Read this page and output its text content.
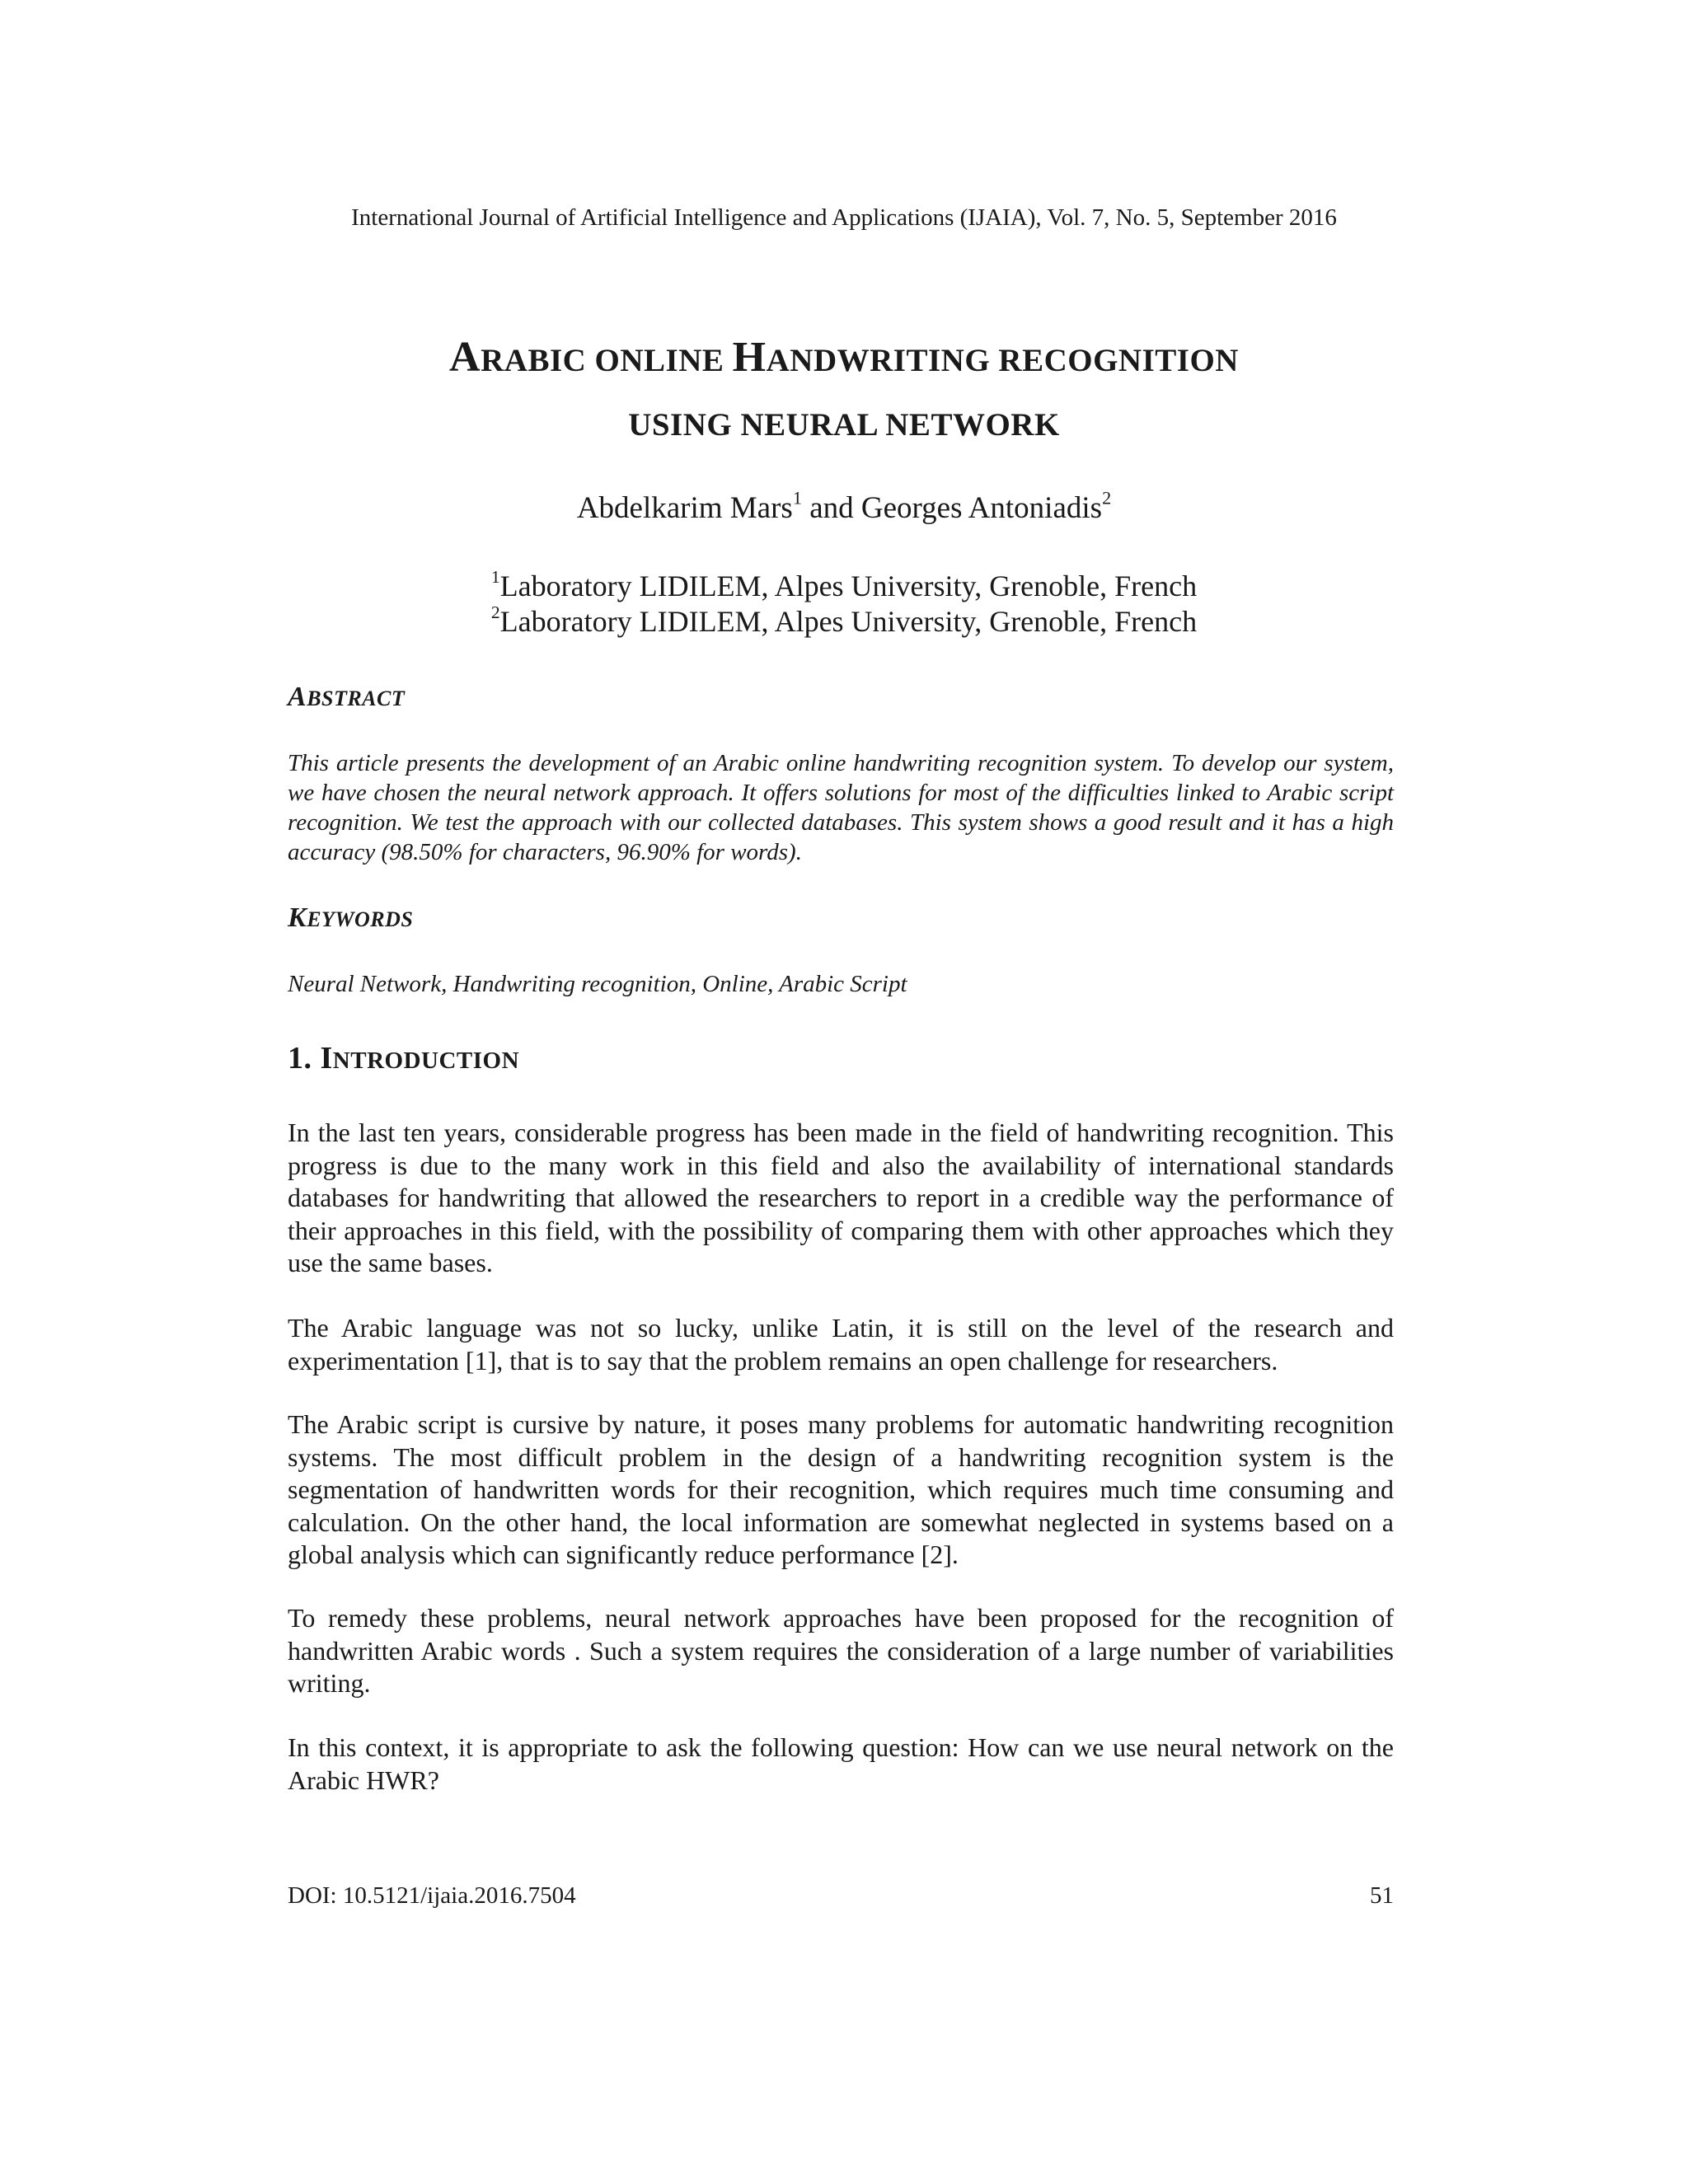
International Journal of Artificial Intelligence and Applications (IJAIA), Vol. 7, No. 5, September 2016
ARABIC ONLINE HANDWRITING RECOGNITION
USING NEURAL NETWORK
Abdelkarim Mars$^1$ and Georges Antoniadis$^2$
$^1$Laboratory LIDILEM, Alpes University, Grenoble, French
$^2$Laboratory LIDILEM, Alpes University, Grenoble, French
ABSTRACT
This article presents the development of an Arabic online handwriting recognition system. To develop our system, we have chosen the neural network approach. It offers solutions for most of the difficulties linked to Arabic script recognition. We test the approach with our collected databases. This system shows a good result and it has a high accuracy (98.50% for characters, 96.90% for words).
KEYWORDS
Neural Network, Handwriting recognition, Online, Arabic Script
1. INTRODUCTION

In the last ten years, considerable progress has been made in the field of handwriting recognition. This progress is due to the many work in this field and also the availability of international standards databases for handwriting that allowed the researchers to report in a credible way the performance of their approaches in this field, with the possibility of comparing them with other approaches which they use the same bases.

The Arabic language was not so lucky, unlike Latin, it is still on the level of the research and experimentation [1], that is to say that the problem remains an open challenge for researchers.

The Arabic script is cursive by nature, it poses many problems for automatic handwriting recognition systems. The most difficult problem in the design of a handwriting recognition system is the segmentation of handwritten words for their recognition, which requires much time consuming and calculation. On the other hand, the local information are somewhat neglected in systems based on a global analysis which can significantly reduce performance [2].

To remedy these problems, neural network approaches have been proposed for the recognition of handwritten Arabic words . Such a system requires the consideration of a large number of variabilities writing.

In this context, it is appropriate to ask the following question: How can we use neural network on the Arabic HWR?

DOI: 10.5121/ijaia.2016.7504	51
